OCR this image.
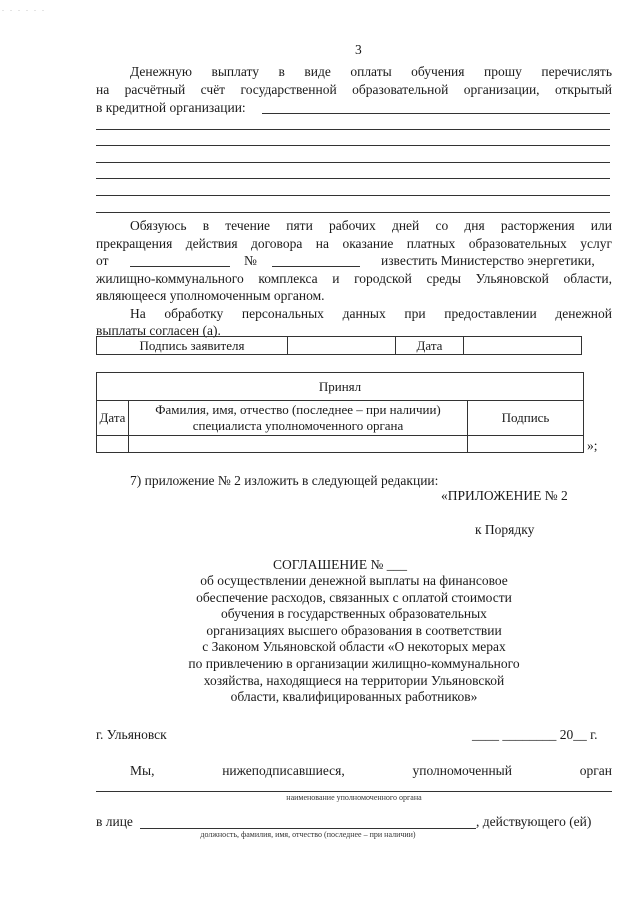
. . . . . .
3
Денежную выплату в виде оплаты обучения прошу перечислять
на расчётный счёт государственной образовательной организации, открытый
в кредитной организации:
Обязуюсь в течение пяти рабочих дней со дня расторжения или
прекращения действия договора на оказание платных образовательных услуг
от	№	известить Министерство энергетики,
жилищно-коммунального комплекса и городской среды Ульяновской области,
являющееся уполномоченным органом.
На обработку персональных данных при предоставлении денежной
выплаты согласен (а).
Подпись заявителя		Дата	
Принял		
Дата	Фамилия, имя, отчество (последнее – при наличии) специалиста уполномоченного органа	Подпись

»;
7) приложение № 2 изложить в следующей редакции:
«ПРИЛОЖЕНИЕ № 2
к Порядку
СОГЛАШЕНИЕ № ___
об осуществлении денежной выплаты на финансовое
обеспечение расходов, связанных с оплатой стоимости
обучения в государственных образовательных
организациях высшего образования в соответствии
с Законом Ульяновской области «О некоторых мерах
по привлечению в организации жилищно-коммунального
хозяйства, находящиеся на территории Ульяновской
области, квалифицированных работников»
г. Ульяновск	____ ________ 20__ г.
Мы, нижеподписавшиеся, уполномоченный орган
наименование уполномоченного органа
в лице	, действующего (ей)
должность, фамилия, имя, отчество (последнее – при наличии)
